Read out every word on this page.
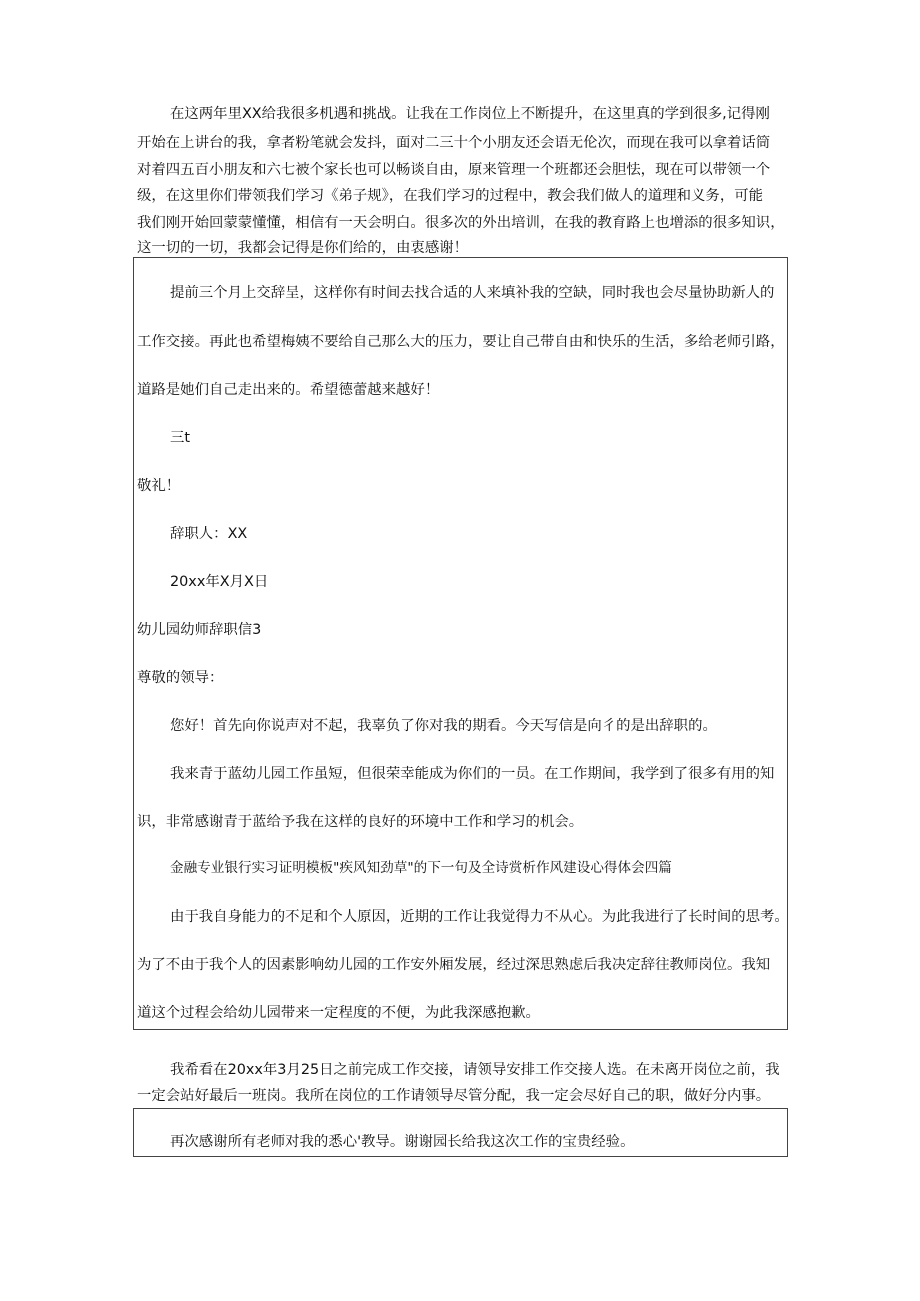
在这两年里XX给我很多机遇和挑战。让我在工作岗位上不断提升，在这里真的学到很多,记得刚
开始在上讲台的我，拿者粉笔就会发抖，面对二三十个小朋友还会语无伦次，而现在我可以拿着话筒
对着四五百小朋友和六七被个家长也可以畅谈自由，原来管理一个班都还会胆怯，现在可以带领一个
级，在这里你们带领我们学习《弟子规》，在我们学习的过程中，教会我们做人的道理和义务，可能
我们刚开始回蒙蒙懂懂，相信有一天会明白。很多次的外出培训，在我的教育路上也增添的很多知识，
这一切的一切，我都会记得是你们给的，由衷感谢！
提前三个月上交辞呈，这样你有时间去找合适的人来填补我的空缺，同时我也会尽量协助新人的
工作交接。再此也希望梅姨不要给自己那么大的压力，要让自己带自由和快乐的生活，多给老师引路，
道路是她们自己走出来的。希望德蕾越来越好！
三t
敬礼！
辞职人：XX
20xx年X月X日
幼儿园幼师辞职信3
尊敬的领导：
您好！首先向你说声对不起，我辜负了你对我的期看。今天写信是向彳的是出辞职的。
我来青于蓝幼儿园工作虽短，但很荣幸能成为你们的一员。在工作期间，我学到了很多有用的知
识，非常感谢青于蓝给予我在这样的良好的环境中工作和学习的机会。
金融专业银行实习证明模板"疾风知劲草"的下一句及全诗赏析作风建设心得体会四篇
由于我自身能力的不足和个人原因，近期的工作让我觉得力不从心。为此我进行了长时间的思考。
为了不由于我个人的因素影响幼儿园的工作安外厢发展，经过深思熟虑后我决定辞往教师岗位。我知
道这个过程会给幼儿园带来一定程度的不便，为此我深感抱歉。
我希看在20xx年3月25日之前完成工作交接，请领导安排工作交接人选。在未离开岗位之前，我
一定会站好最后一班岗。我所在岗位的工作请领导尽管分配，我一定会尽好自己的职，做好分内事。
再次感谢所有老师对我的悉心'教导。谢谢园长给我这次工作的宝贵经验。
